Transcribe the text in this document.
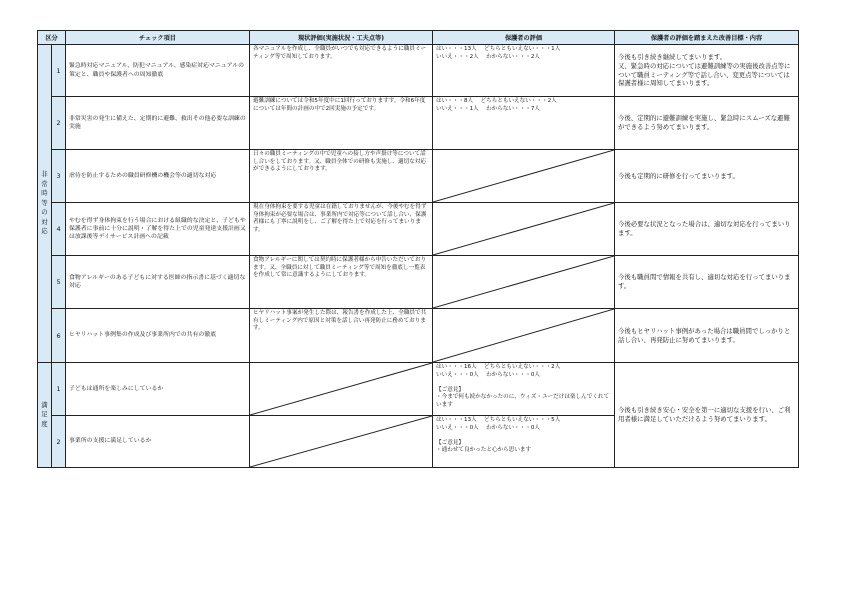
区分		チェック項目	現状評価(実施状況・工夫点等)	保護者の評価	保護者の評価を踏まえた改善目標・内容
非常時等の対応	1	緊急時対応マニュアル、防犯マニュアル、感染症対応マニュアルの策定と、職員や保護者への周知徹底	各マニュアルを作成し、全職員がいつでも対応できるように職員ミーティング等で周知しております。	はい・・・13人　 どちらともいえない・・・1人
いいえ・・・2人　 わからない・・・2人	今後も引き続き継続してまいります。
又、緊急時の対応については避難訓練等の実施後改善点等について職員ミーティング等で話し合い、変更点等については保護者様に周知してまいります。
	2	非常災害の発生に備えた、定期的に避難、救出その他必要な訓練の実施	避難訓練については令和5年度中に1回行っておりますす。令和6年度については年間の計画の中で2回実施の予定です。	はい・・・8人　 どちらともいえない・・・2人
いいえ・・・1人　 わからない・・・7人	今後、定期的に避難訓練を実施し、緊急時にスムーズな避難ができるよう努めてまいります。
	3	虐待を防止するための職員研修機の機会等の適切な対応	日々の職員ミーティングの中で児童への接し方や声掛け等について話し合いをしております。又、職員全体での研修も実施し、適切な対応ができるようにしております。		今後も定期的に研修を行ってまいります。
	4	やむを得ず身体拘束を行う場合における組織的な決定と、子どもや保護者に事前に十分に説明・了解を得た上での児童発達支援計画又は放課後等デイサービス計画への記載	現在身体拘束を要する児童は在籍しておりませんが、今後やむを得ず身体拘束が必要な場合は、事業所内で対応等について話し合い、保護者様にも丁寧に説明をし、ご了解を得た上で対応を行ってまいります。		今後必要な状況となった場合は、適切な対応を行ってまいります。
	5	食物アレルギーのある子どもに対する医師の指示書に基づく適切な対応	食物アレルギーに関しては契約時に保護者様から申告いただいております。又、全職員に対して職員ミーティング等で周知を徹底し一覧表を作成して常に意識するようにしております。		今後も職員間で情報を共有し、適切な対応を行ってまいります。
	6	ヒヤリハット事例集の作成及び事業所内での共有の徹底	ヒヤリハット事案が発生した際は、報告書を作成した上、全職員で共有しミーティング内で原因と対策を話し合い再発防止に務めております。		今後もヒヤリハット事例があった場合は職員間でしっかりと話し合い、再発防止に努めてまいります。
満足度	1	子どもは通所を楽しみにしているか		はい・・・16人　 どちらともいえない・・・2人
いいえ・・・0人　 わからない・・・0人

【ご意見】
・今まで何も続かなかったのに、ウィズ・ユーだけは楽しんでくれています	今後も引き続き安心・安全を第一に適切な支援を行い、ご利用者様に満足していただけるよう努めてまいります。
	2	事業所の支援に満足しているか		はい・・・13人　 どちらともいえない・・・5人
いいえ・・・0人　 わからない・・・0人

【ご意見】
・通わせて良かったと心から思います	
